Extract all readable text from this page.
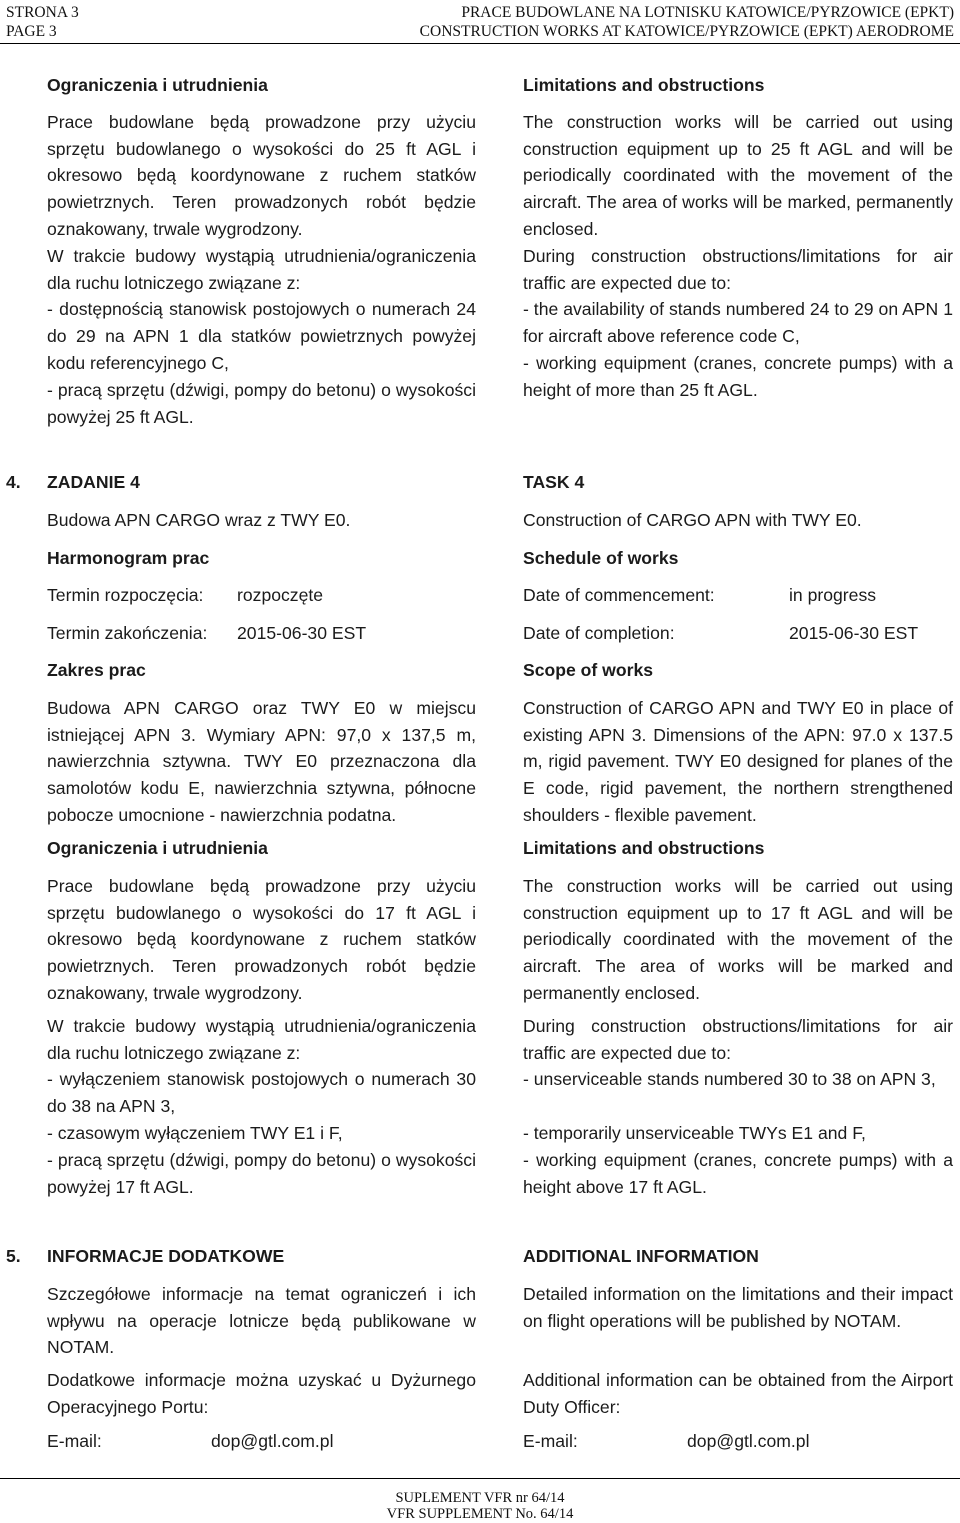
STRONA 3
PAGE 3
PRACE BUDOWLANE NA LOTNISKU KATOWICE/PYRZOWICE (EPKT)
CONSTRUCTION WORKS AT KATOWICE/PYRZOWICE (EPKT) AERODROME

Ograniczenia i utrudnienia

Prace budowlane będą prowadzone przy użyciu sprzętu budowlanego o wysokości do 25 ft AGL i okresowo będą koordynowane z ruchem statków powietrznych. Teren prowadzonych robót będzie oznakowany, trwale wygrodzony.

W trakcie budowy wystąpią utrudnienia/ograniczenia dla ruchu lotniczego związane z:

- dostępnością stanowisk postojowych o numerach 24 do 29 na APN 1 dla statków powietrznych powyżej kodu referencyjnego C,

- pracą sprzętu (dźwigi, pompy do betonu) o wysokości powyżej 25 ft AGL.

Limitations and obstructions

The construction works will be carried out using construction equipment up to 25 ft AGL and will be periodically coordinated with the movement of the aircraft. The area of works will be marked, permanently enclosed.

During construction obstructions/limitations for air traffic are expected due to:

- the availability of stands numbered 24 to 29 on APN 1 for aircraft above reference code C,

- working equipment (cranes, concrete pumps) with a height of more than 25 ft AGL.

4. ZADANIE 4

Budowa APN CARGO wraz z TWY E0.

Harmonogram prac

TASK 4

Construction of CARGO APN with TWY E0.

Schedule of works

Termin rozpoczęcia: rozpoczęte	Date of commencement:	in progress
Termin zakończenia: 2015-06-30 EST	Date of completion:	2015-06-30 EST

Zakres prac

Budowa APN CARGO oraz TWY E0 w miejscu istniejącej APN 3. Wymiary APN: 97,0 x 137,5 m, nawierzchnia sztywna. TWY E0 przeznaczona dla samolotów kodu E, nawierzchnia sztywna, północne pobocze umocnione - nawierzchnia podatna.

Scope of works

Construction of CARGO APN and TWY E0 in place of existing APN 3. Dimensions of the APN: 97.0 x 137.5 m, rigid pavement. TWY E0 designed for planes of the E code, rigid pavement, the northern strengthened shoulders - flexible pavement.

Ograniczenia i utrudnienia

Prace budowlane będą prowadzone przy użyciu sprzętu budowlanego o wysokości do 17 ft AGL i okresowo będą koordynowane z ruchem statków powietrznych. Teren prowadzonych robót będzie oznakowany, trwale wygrodzony.

W trakcie budowy wystąpią utrudnienia/ograniczenia dla ruchu lotniczego związane z:

- wyłączeniem stanowisk postojowych o numerach 30 do 38 na APN 3,

- czasowym wyłączeniem TWY E1 i F,

- pracą sprzętu (dźwigi, pompy do betonu) o wysokości powyżej 17 ft AGL.

Limitations and obstructions

The construction works will be carried out using construction equipment up to 17 ft AGL and will be periodically coordinated with the movement of the aircraft. The area of works will be marked and permanently enclosed.

During construction obstructions/limitations for air traffic are expected due to:

- unserviceable stands numbered 30 to 38 on APN 3,

- temporarily unserviceable TWYs E1 and F,

- working equipment (cranes, concrete pumps) with a height above 17 ft AGL.

5. INFORMACJE DODATKOWE

Szczegółowe informacje na temat ograniczeń i ich wpływu na operacje lotnicze będą publikowane w NOTAM.

Dodatkowe informacje można uzyskać u Dyżurnego Operacyjnego Portu:

ADDITIONAL INFORMATION

Detailed information on the limitations and their impact on flight operations will be published by NOTAM.

Additional information can be obtained from the Airport Duty Officer:

E-mail:	dop@gtl.com.pl	E-mail:	dop@gtl.com.pl
SUPLEMENT VFR nr 64/14
VFR SUPPLEMENT No. 64/14
